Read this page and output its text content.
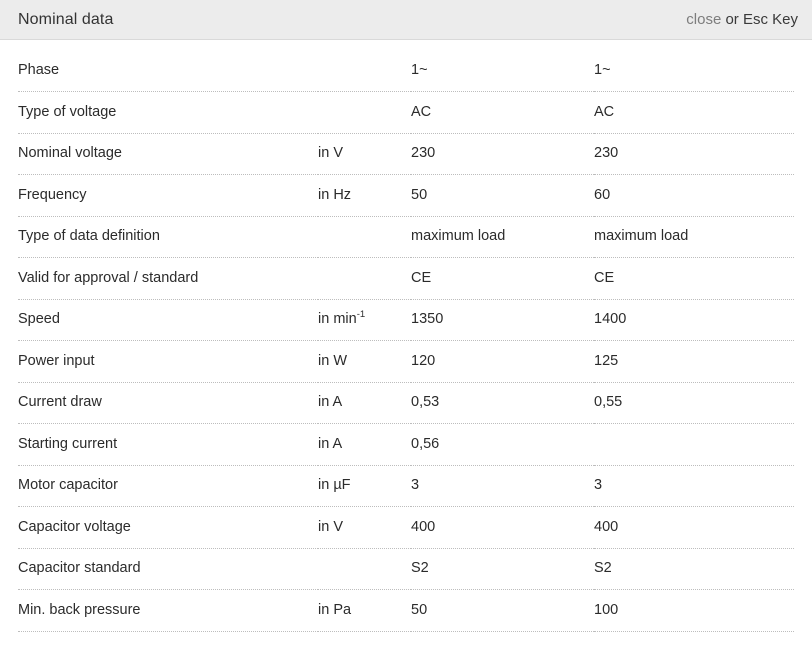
Nominal data	close or Esc Key
Phase		1~	1~
Type of voltage		AC	AC
Nominal voltage	in V	230	230
Frequency	in Hz	50	60
Type of data definition		maximum load	maximum load
Valid for approval / standard		CE	CE
Speed	in $\min^{-1}$	1350	1400
Power input	in W	120	125
Current draw	in A	0,53	0,55
Starting current	in A	0,56	
Motor capacitor	in µF	3	3
Capacitor voltage	in V	400	400
Capacitor standard		S2	S2
Min. back pressure	in Pa	50	100
